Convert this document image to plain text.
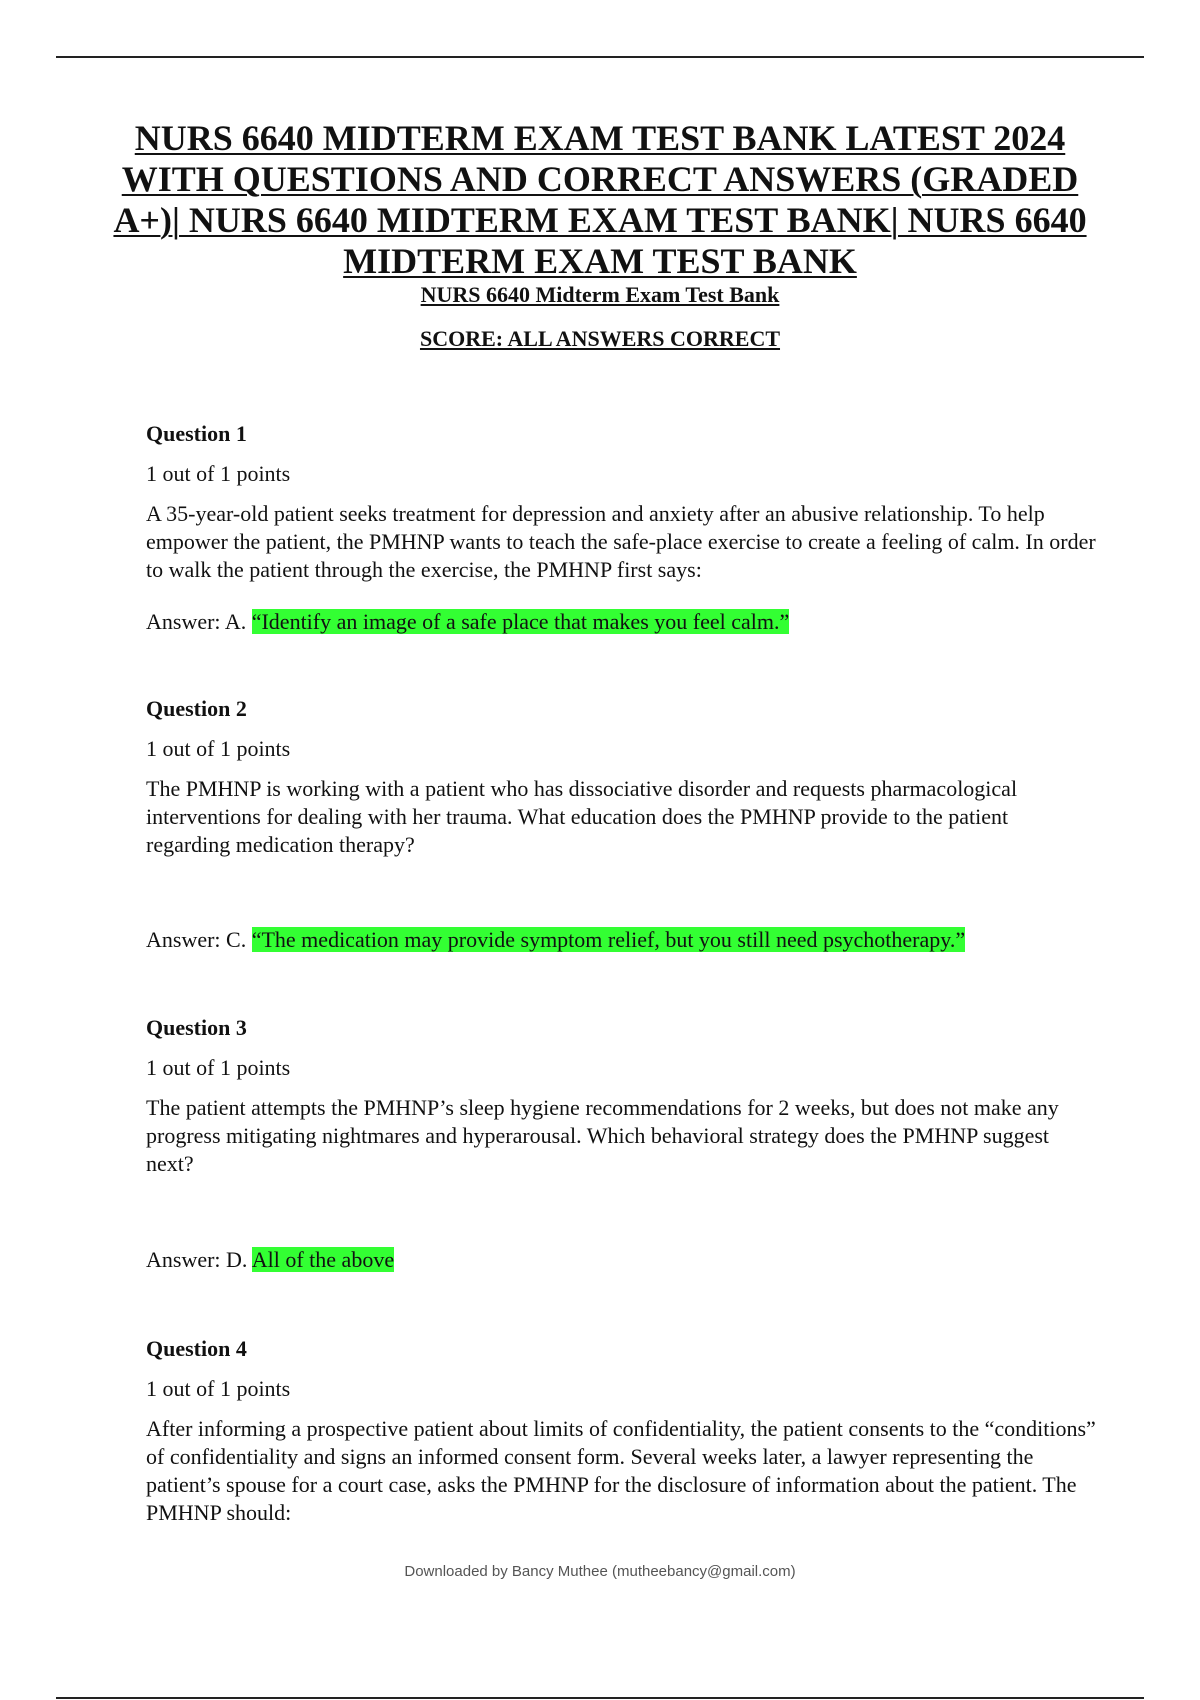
NURS 6640 MIDTERM EXAM TEST BANK LATEST 2024 WITH QUESTIONS AND CORRECT ANSWERS (GRADED A+)| NURS 6640 MIDTERM EXAM TEST BANK| NURS 6640 MIDTERM EXAM TEST BANK

NURS 6640 Midterm Exam Test Bank

SCORE: ALL ANSWERS CORRECT

Question 1

1 out of 1 points

A 35-year-old patient seeks treatment for depression and anxiety after an abusive relationship. To help empower the patient, the PMHNP wants to teach the safe-place exercise to create a feeling of calm. In order to walk the patient through the exercise, the PMHNP first says:

Answer: A. “Identify an image of a safe place that makes you feel calm.”

Question 2

1 out of 1 points

The PMHNP is working with a patient who has dissociative disorder and requests pharmacological interventions for dealing with her trauma. What education does the PMHNP provide to the patient regarding medication therapy?

Answer: C. “The medication may provide symptom relief, but you still need psychotherapy.”

Question 3

1 out of 1 points

The patient attempts the PMHNP’s sleep hygiene recommendations for 2 weeks, but does not make any progress mitigating nightmares and hyperarousal. Which behavioral strategy does the PMHNP suggest next?

Answer: D. All of the above

Question 4

1 out of 1 points

After informing a prospective patient about limits of confidentiality, the patient consents to the “conditions” of confidentiality and signs an informed consent form. Several weeks later, a lawyer representing the patient’s spouse for a court case, asks the PMHNP for the disclosure of information about the patient. The PMHNP should:

Downloaded by Bancy Muthee (mutheebancy@gmail.com)
